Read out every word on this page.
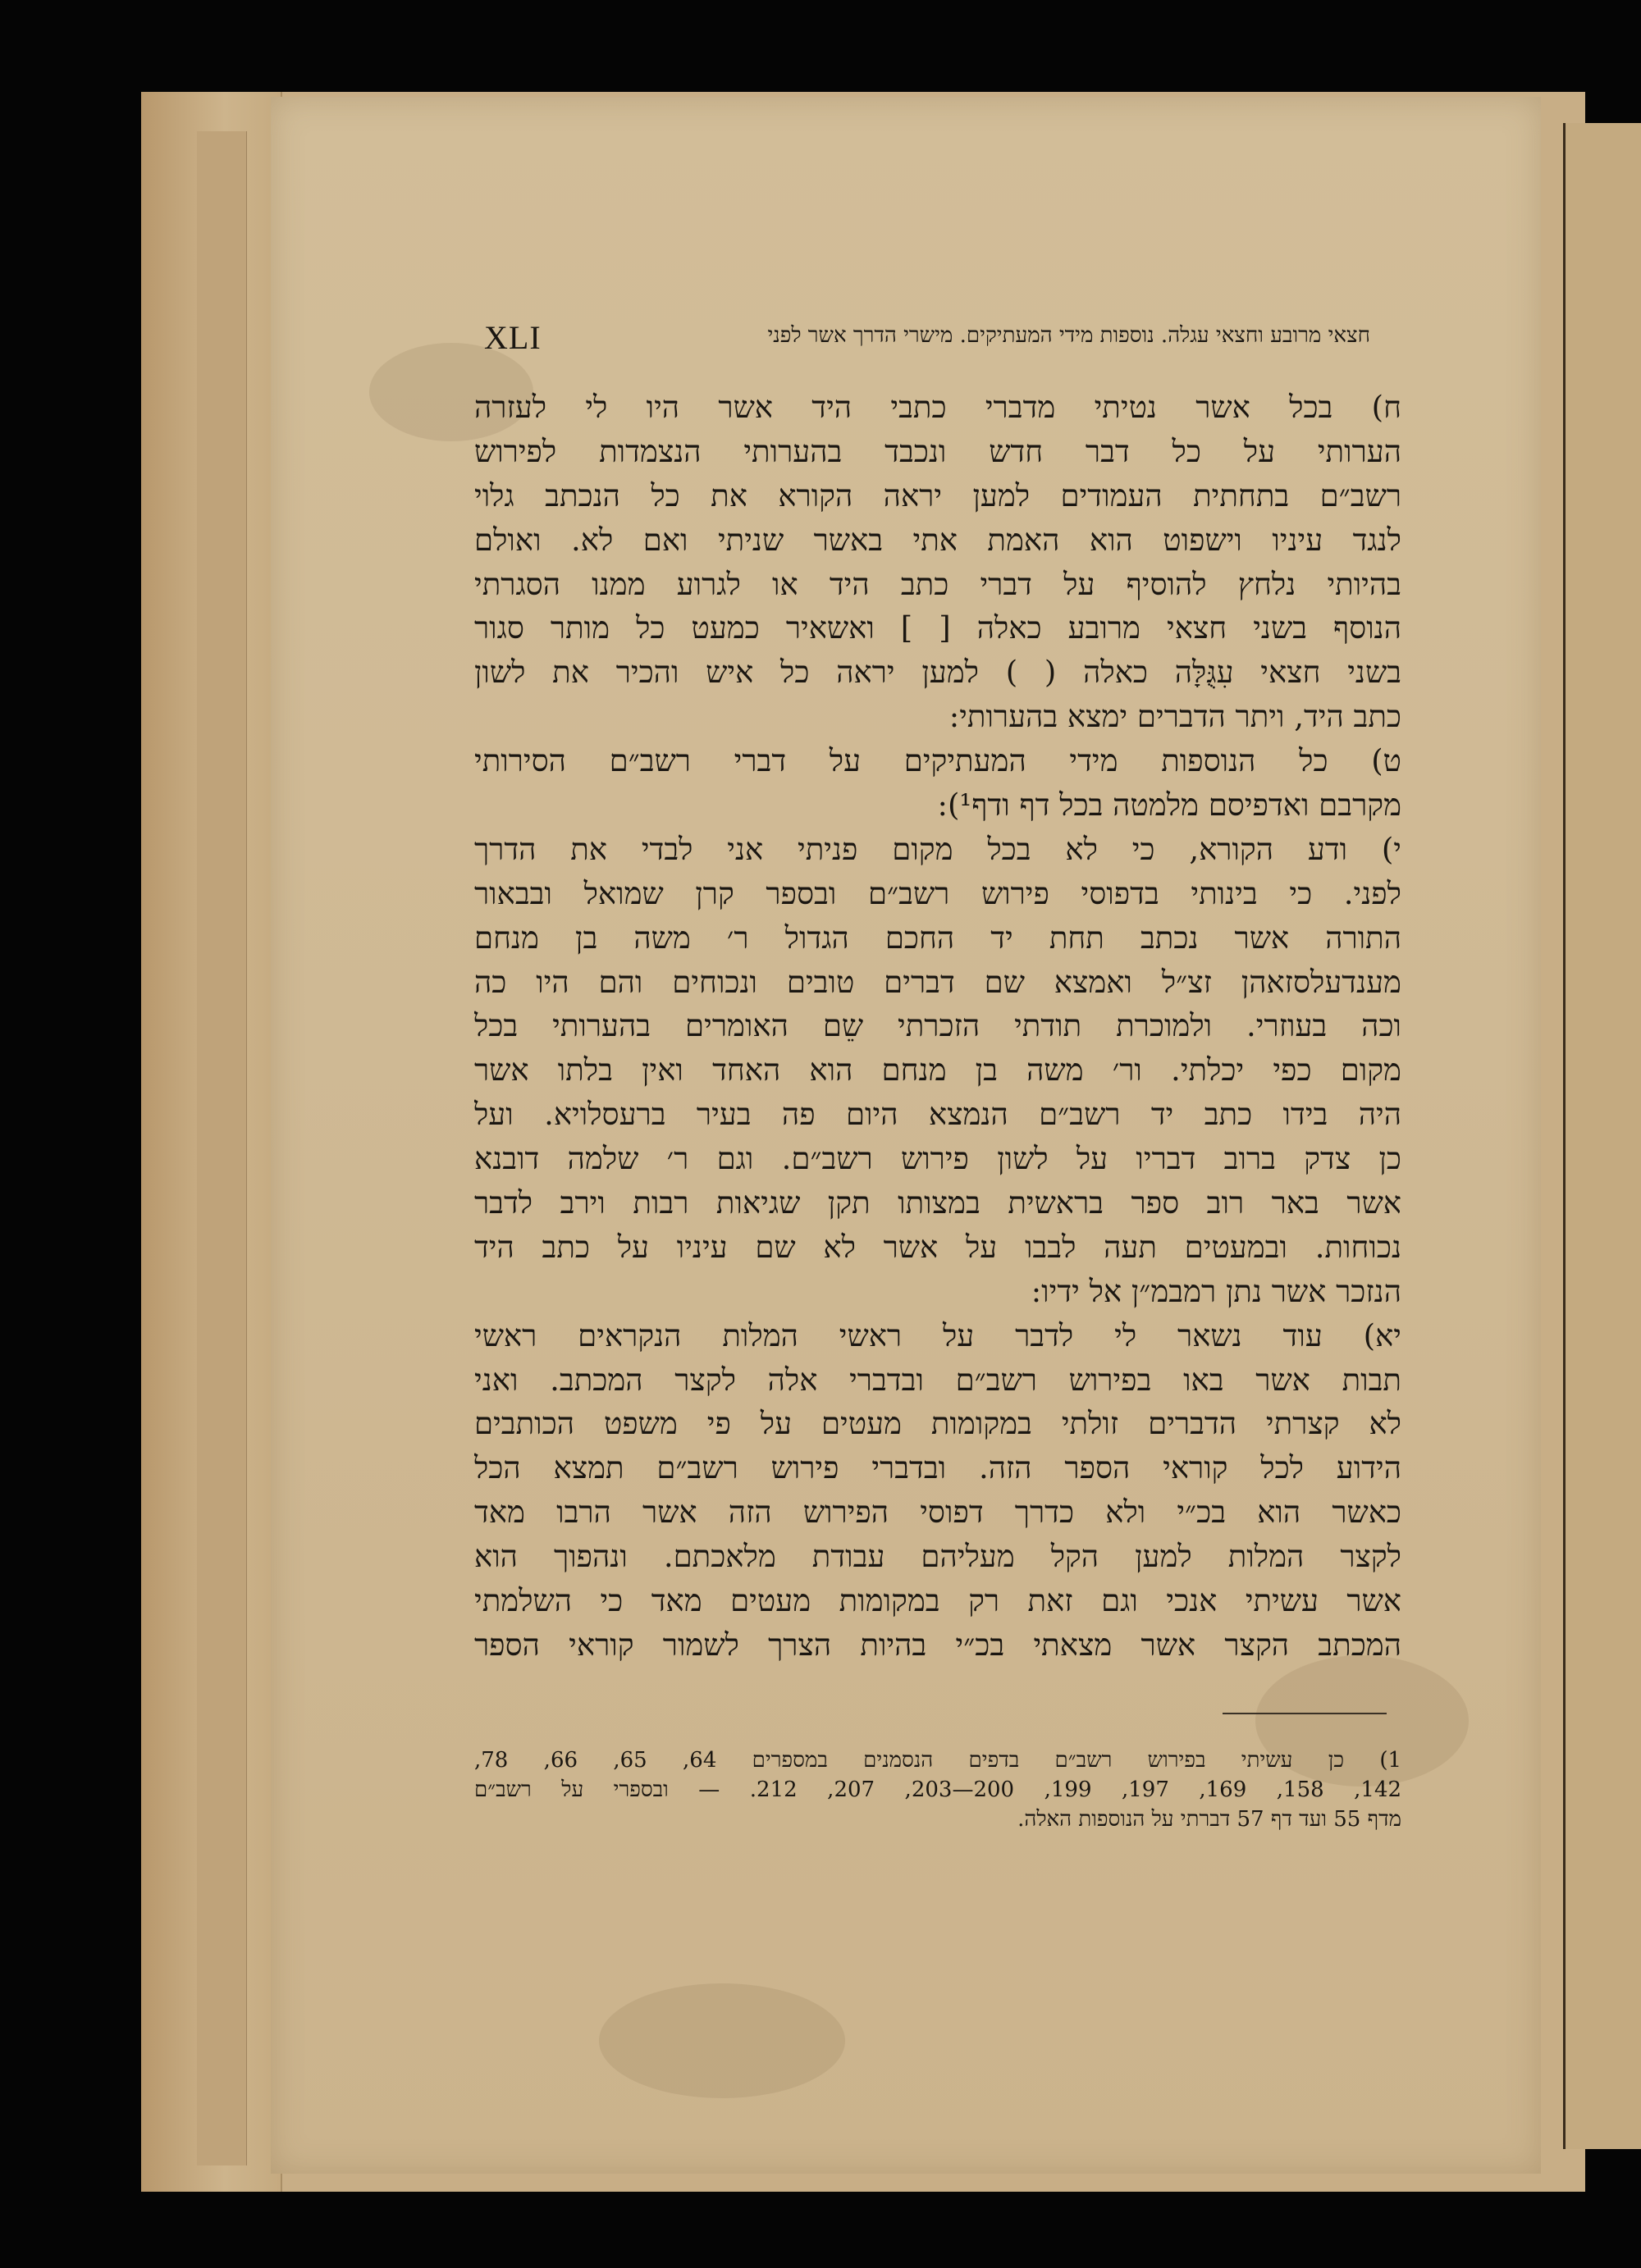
XLI	חצאי מרובע וחצאי עגלה. נוספות מידי המעתיקים. מישרי הדרך אשר לפני
ח) בכל אשר נטיתי מדברי כתבי היד אשר היו לי לעזרה
הערותי על כל דבר חדש ונכבד בהערותי הנצמדות לפירוש
רשב״ם בתחתית העמודים למען יראה הקורא את כל הנכתב גלוי
לנגד עיניו וישפוט הוא האמת אתי באשר שניתי ואם לא. ואולם
בהיותי נלחץ להוסיף על דברי כתב היד או לגרוע ממנו הסגרתי
הנוסף בשני חצאי מרובע כאלה [ ] ואשאיר כמעט כל מותר סגור
בשני חצאי עִגֻּלָּה כאלה ( ) למען יראה כל איש והכיר את לשון
כתב היד, ויתר הדברים ימצא בהערותי:
ט) כל הנוספות מידי המעתיקים על דברי רשב״ם הסירותי
מקרבם ואדפיסם מלמטה בכל דף ודף¹):
י) ודע הקורא, כי לא בכל מקום פניתי אני לבדי את הדרך
לפני. כי בינותי בדפוסי פירוש רשב״ם ובספר קרן שמואל ובבאור
התורה אשר נכתב תחת יד החכם הגדול ר׳ משה בן מנחם
מענדעלסזאהן זצ״ל ואמצא שם דברים טובים ונכוחים והם היו כה
וכה בעוזרי. ולמוכרת תודתי הזכרתי שֵם האומרים בהערותי בכל
מקום כפי יכלתי. ור׳ משה בן מנחם הוא האחד ואין בלתו אשר
היה בידו כתב יד רשב״ם הנמצא היום פה בעיר ברעסלויא. ועל
כן צדק ברוב דבריו על לשון פירוש רשב״ם. וגם ר׳ שלמה דובנא
אשר באר רוב ספר בראשית במצותו תקן שגיאות רבות וירב לדבר
נכוחות. ובמעטים תעה לבבו על אשר לא שם עיניו על כתב היד
הנזכר אשר נתן רמבמ״ן אל ידיו:
יא) עוד נשאר לי לדבר על ראשי המלות הנקראים ראשי
תבות אשר באו בפירוש רשב״ם ובדברי אלה לקצר המכתב. ואני
לא קצרתי הדברים זולתי במקומות מעטים על פי משפט הכותבים
הידוע לכל קוראי הספר הזה. ובדברי פירוש רשב״ם תמצא הכל
כאשר הוא בכ״י ולא כדרך דפוסי הפירוש הזה אשר הרבו מאד
לקצר המלות למען הקל מעליהם עבודת מלאכתם. ונהפוך הוא
אשר עשיתי אנכי וגם זאת רק במקומות מעטים מאד כי השלמתי
המכתב הקצר אשר מצאתי בכ״י בהיות הצרך לשמור קוראי הספר
1) כן עשיתי בפירוש רשב״ם בדפים הנסמנים במספרים 64, 65, 66, 78,
142, 158, 169, 197, 199, 200—203, 207, 212. — ובספרי על רשב״ם
מדף 55 ועד דף 57 דברתי על הנוספות האלה.
